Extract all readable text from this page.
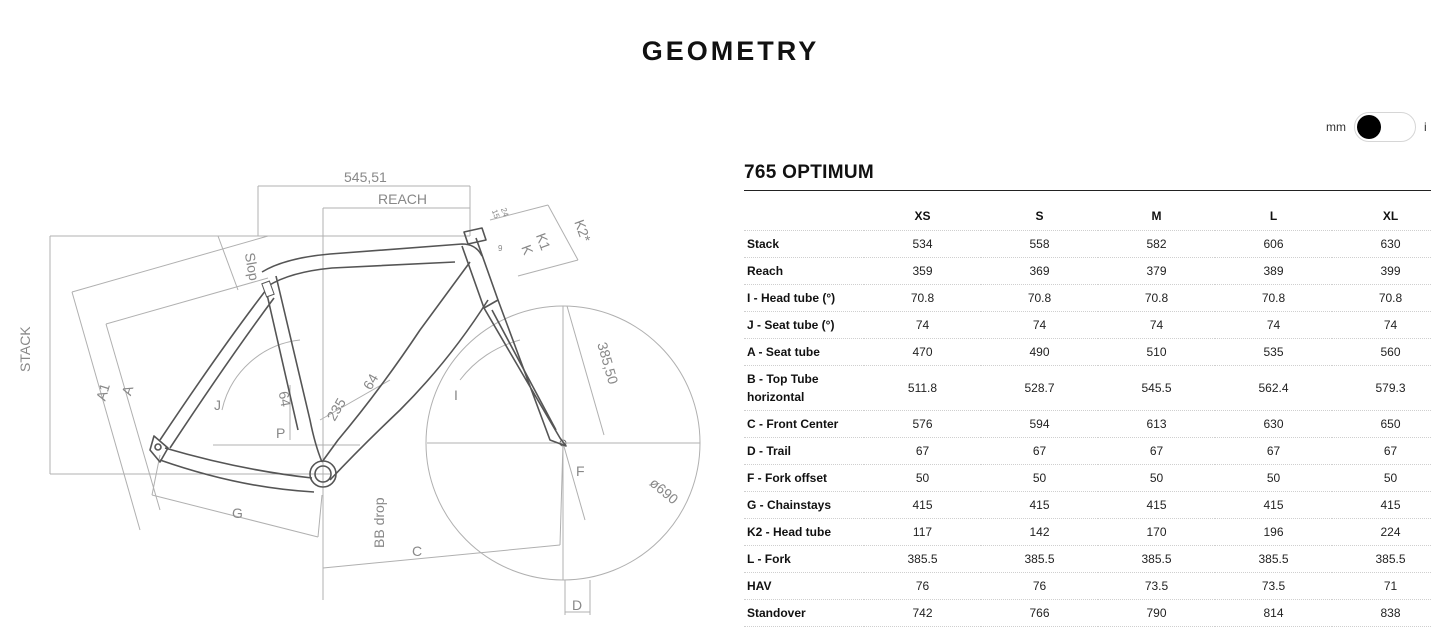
GEOMETRY
mm	i
545,51
REACH
Slop
STACK
A1 A
J
I
K1
K
K2*
385,50
64
P
235
64
G	BB drop
C
D
F
ø690
24
15
9
765 OPTIMUM
	XS	S	M	L	XL
Stack	534	558	582	606	630
Reach	359	369	379	389	399
I - Head tube (°)	70.8	70.8	70.8	70.8	70.8
J - Seat tube (°)	74	74	74	74	74
A - Seat tube	470	490	510	535	560
B - Top Tube horizontal	511.8	528.7	545.5	562.4	579.3
C - Front Center	576	594	613	630	650
D - Trail	67	67	67	67	67
F - Fork offset	50	50	50	50	50
G - Chainstays	415	415	415	415	415
K2 - Head tube	117	142	170	196	224
L - Fork	385.5	385.5	385.5	385.5	385.5
HAV	76	76	73.5	73.5	71
Standover	742	766	790	814	838
